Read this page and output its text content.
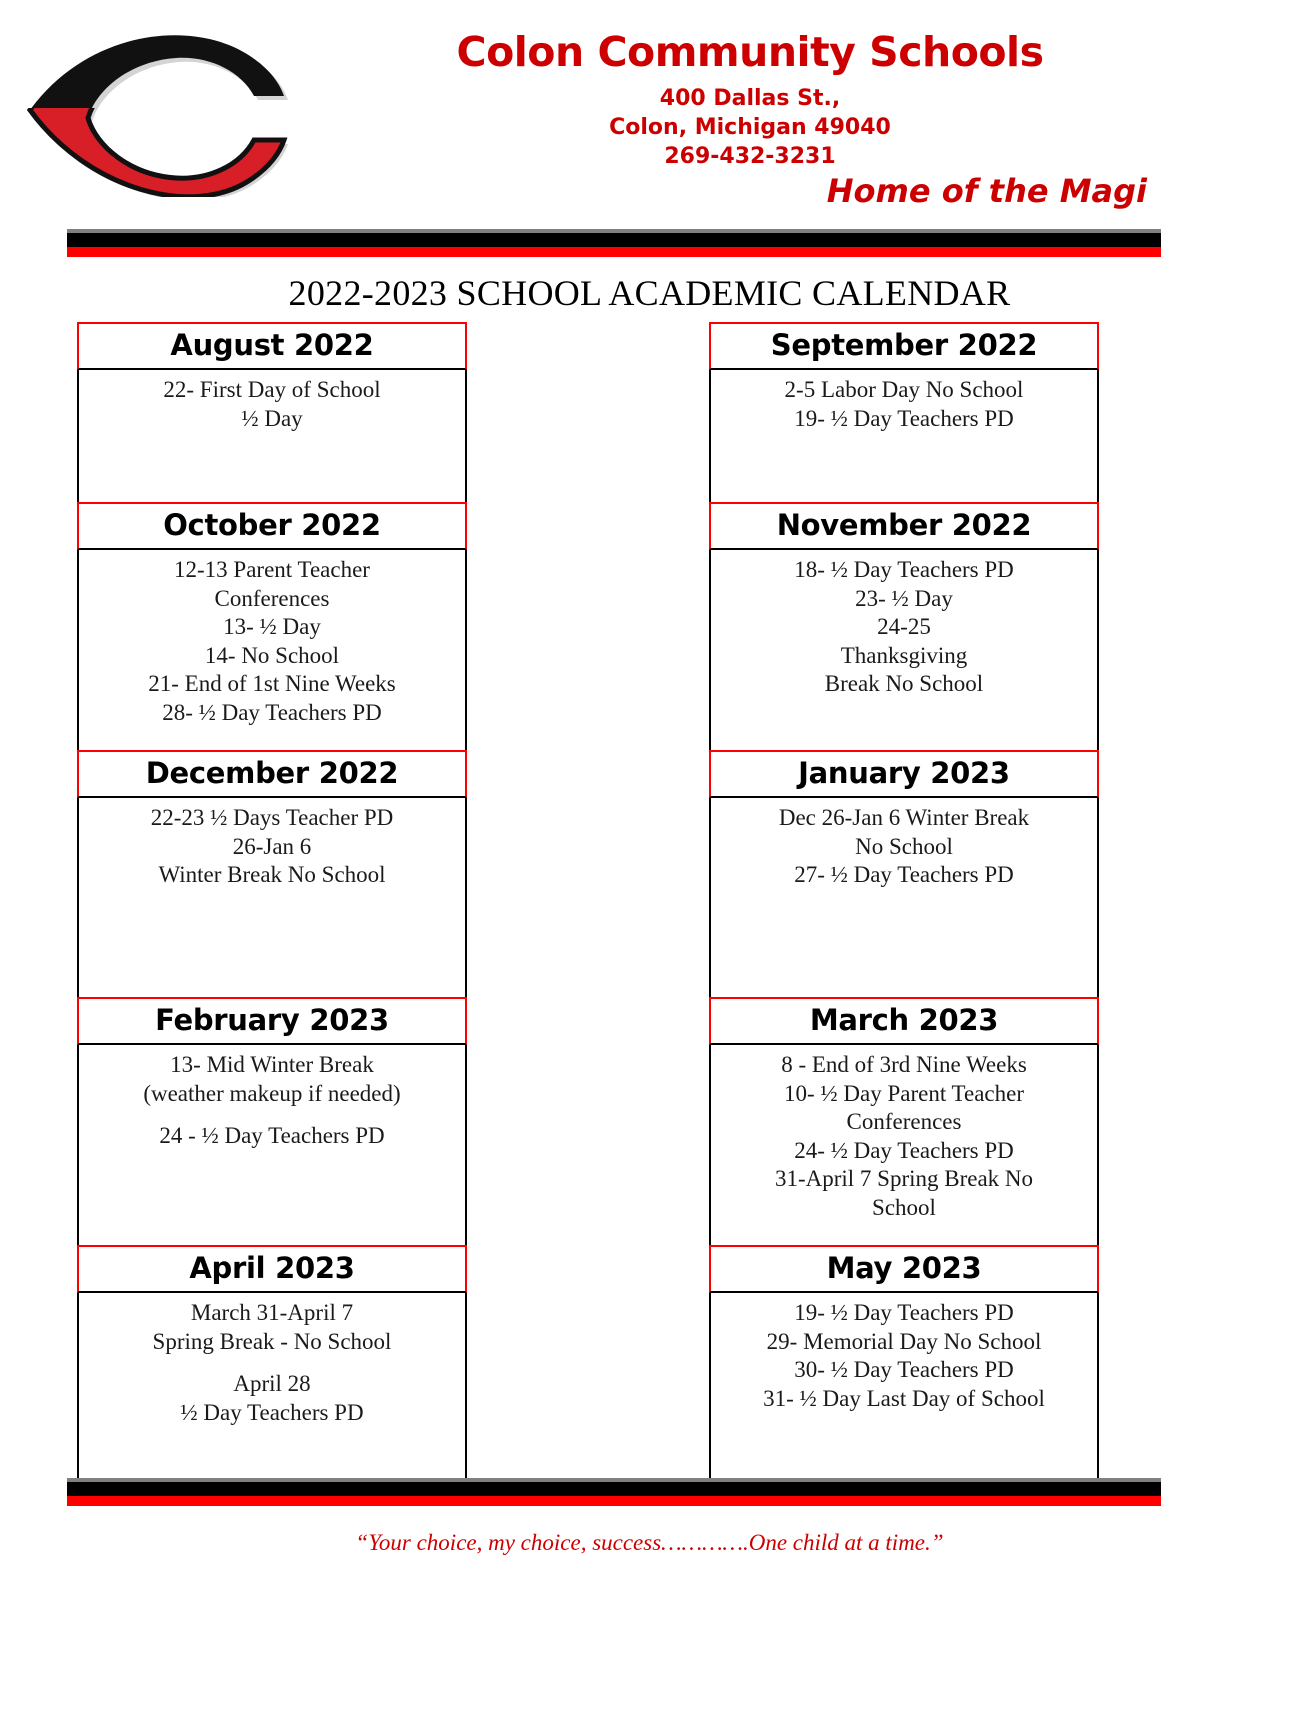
Colon Community Schools
400 Dallas St.,
Colon, Michigan 49040
269-432-3231
Home of the Magi
2022-2023 SCHOOL ACADEMIC CALENDAR
August 2022
22- First Day of School
½ Day
October 2022
12-13 Parent Teacher
Conferences
13- ½ Day
14- No School
21- End of 1st Nine Weeks
28- ½ Day Teachers PD
December 2022
22-23 ½ Days Teacher PD
26-Jan 6
Winter Break No School
February 2023
13- Mid Winter Break
(weather makeup if needed)
24 - ½ Day Teachers PD
April 2023
March 31-April 7
Spring Break - No School
April 28
½ Day Teachers PD
September 2022
2-5 Labor Day No School
19- ½ Day Teachers PD
November 2022
18- ½ Day Teachers PD
23- ½ Day
24-25
Thanksgiving
Break No School
January 2023
Dec 26-Jan 6 Winter Break
No School
27- ½ Day Teachers PD
March 2023
8 - End of 3rd Nine Weeks
10- ½ Day Parent Teacher
Conferences
24- ½ Day Teachers PD
31-April 7 Spring Break No
School
May 2023
19- ½ Day Teachers PD
29- Memorial Day No School
30- ½ Day Teachers PD
31- ½ Day Last Day of School
“Your choice, my choice, success………….One child at a time.”
